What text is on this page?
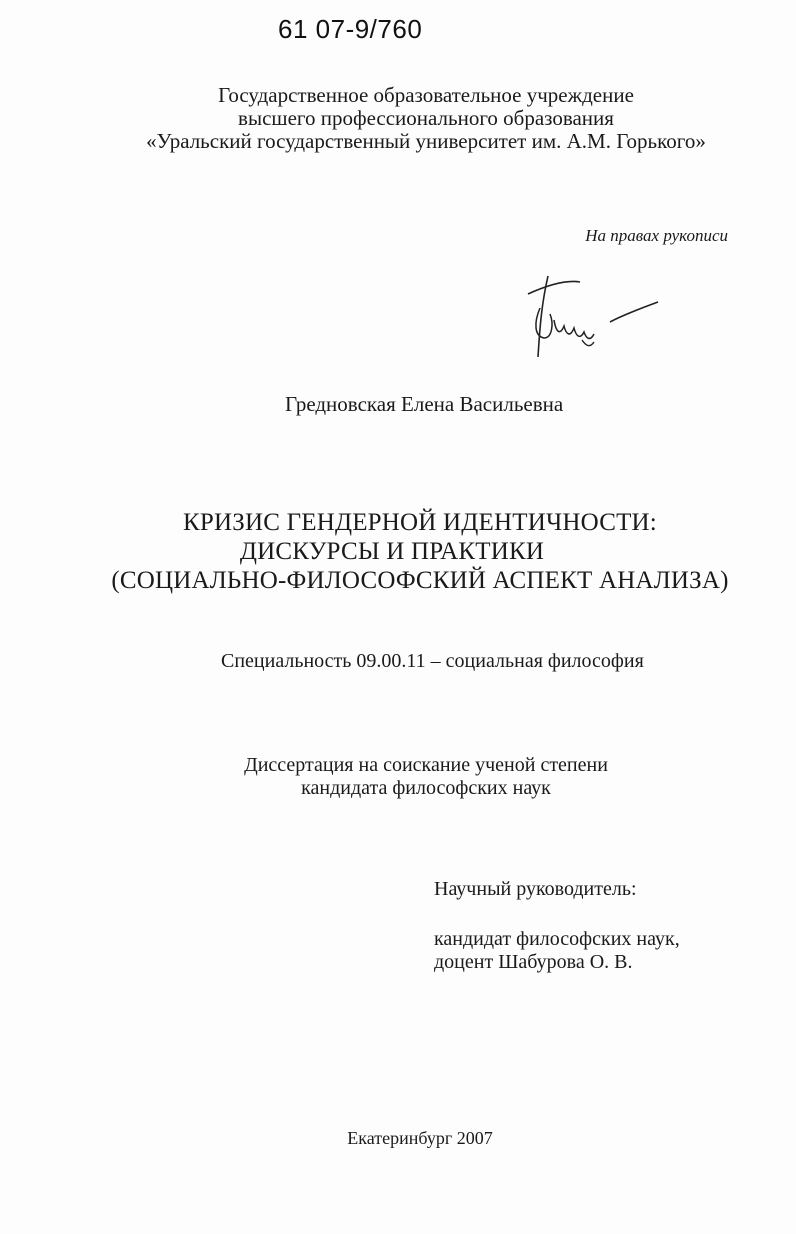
61 07-9/760
Государственное образовательное учреждение
высшего профессионального образования
«Уральский государственный университет им. А.М. Горького»
На правах рукописи
Гредновская Елена Васильевна
КРИЗИС ГЕНДЕРНОЙ ИДЕНТИЧНОСТИ:
ДИСКУРСЫ И ПРАКТИКИ
(СОЦИАЛЬНО-ФИЛОСОФСКИЙ АСПЕКТ АНАЛИЗА)
Специальность 09.00.11 – социальная философия
Диссертация на соискание ученой степени
кандидата философских наук
Научный руководитель:
кандидат философских наук,
доцент Шабурова О. В.
Екатеринбург 2007
